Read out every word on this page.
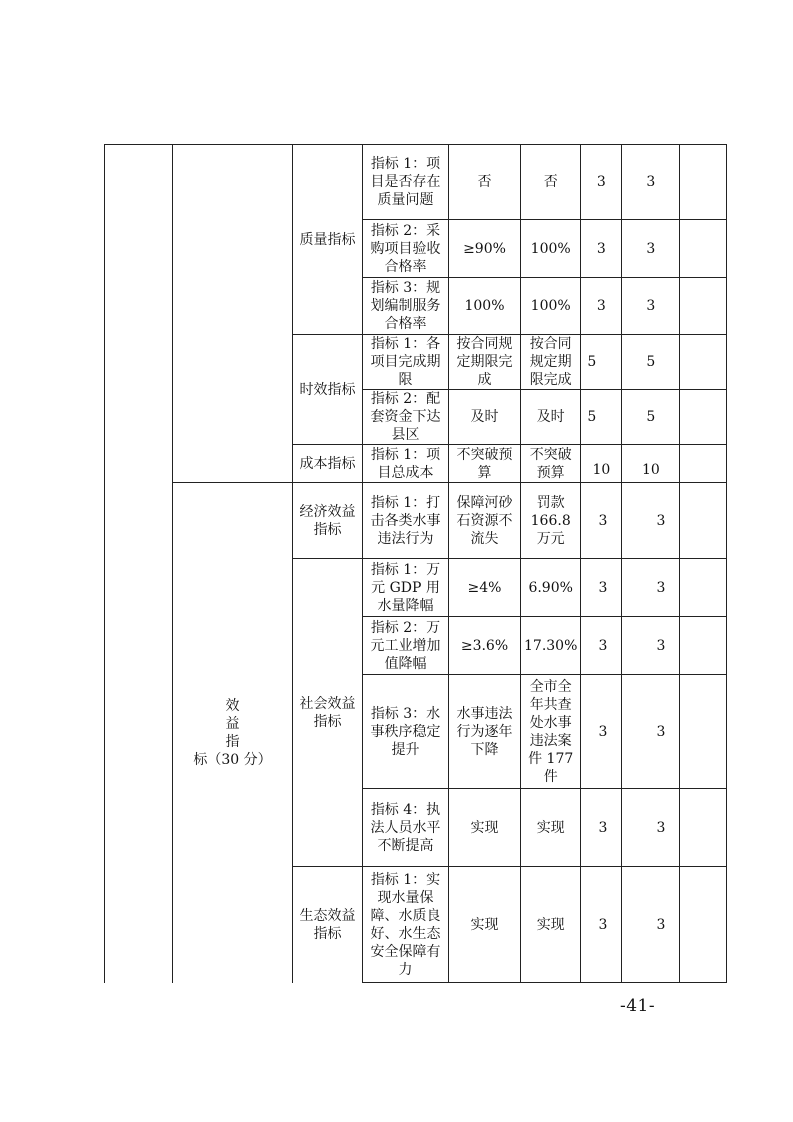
		质量指标	指标 1：项目是否存在质量问题	否	否	3	3	
			指标 2：采购项目验收合格率	≥90%	100%	3	3	
			指标 3：规划编制服务合格率	100%	100%	3	3	
		时效指标	指标 1：各项目完成期限	按合同规定期限完成	按合同规定期限完成	5	5	
			指标 2：配套资金下达县区	及时	及时	5	5	
		成本指标	指标 1：项目总成本	不突破预算	不突破预算	10	10	

	效
益
指
标（30 分）	经济效益指标	指标 1：打击各类水事违法行为	保障河砂石资源不流失	罚款 166.8 万元	3	3	
		社会效益指标	指标 1：万元 GDP 用水量降幅	≥4%	6.90%	3	3	
			指标 2：万元工业增加值降幅	≥3.6%	17.30%	3	3	
			指标 3：水事秩序稳定提升	水事违法行为逐年下降	全市全年共查处水事违法案件 177 件	3	3	
			指标 4：执法人员水平不断提高	实现	实现	3	3	
		生态效益指标	指标 1：实现水量保障、水质良好、水生态安全保障有力	实现	实现	3	3	
-41-
